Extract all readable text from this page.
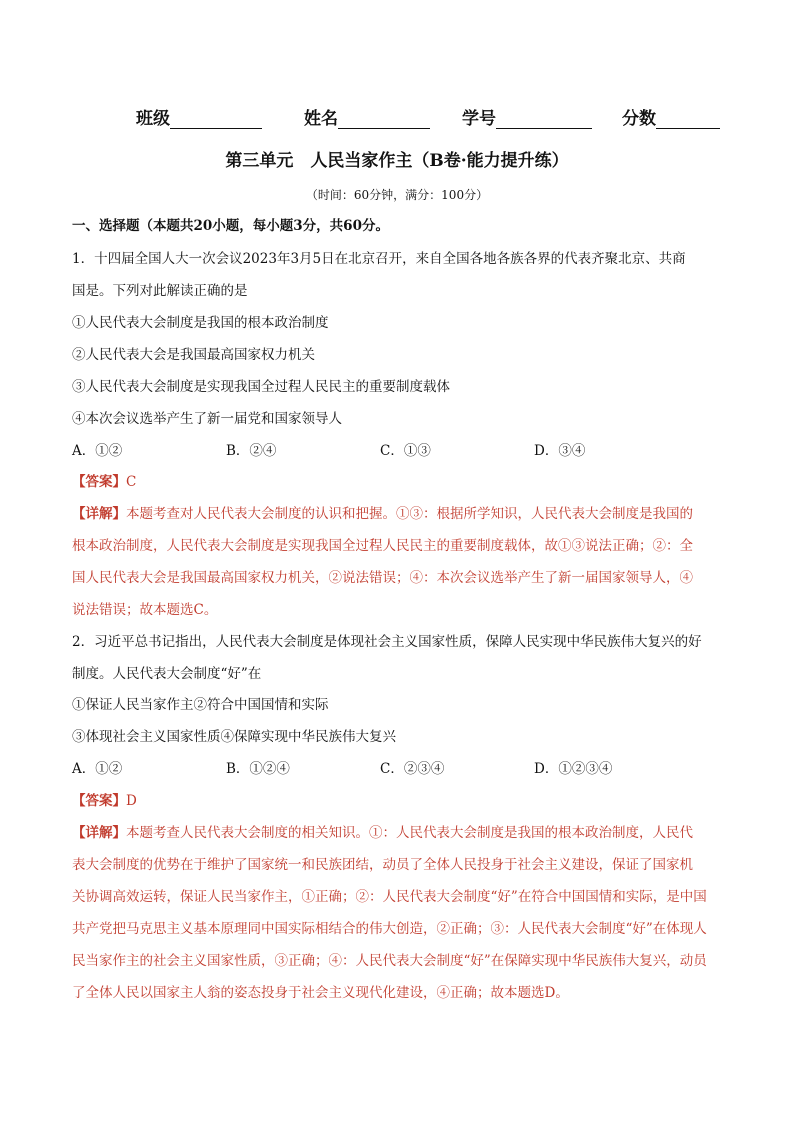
班级	姓名	学号	分数
第三单元　人民当家作主（B卷·能力提升练）
（时间：60分钟，满分：100分）
一、选择题（本题共20小题，每小题3分，共60分。
1．十四届全国人大一次会议2023年3月5日在北京召开，来自全国各地各族各界的代表齐聚北京、共商
国是。下列对此解读正确的是
①人民代表大会制度是我国的根本政治制度
②人民代表大会是我国最高国家权力机关
③人民代表大会制度是实现我国全过程人民民主的重要制度载体
④本次会议选举产生了新一届党和国家领导人
A．①②	B．②④	C．①③	D．③④
【答案】C
【详解】本题考查对人民代表大会制度的认识和把握。①③：根据所学知识，人民代表大会制度是我国的
根本政治制度，人民代表大会制度是实现我国全过程人民民主的重要制度载体，故①③说法正确；②：全
国人民代表大会是我国最高国家权力机关，②说法错误；④：本次会议选举产生了新一届国家领导人，④
说法错误；故本题选C。
2．习近平总书记指出，人民代表大会制度是体现社会主义国家性质，保障人民实现中华民族伟大复兴的好
制度。人民代表大会制度“好”在
①保证人民当家作主②符合中国国情和实际
③体现社会主义国家性质④保障实现中华民族伟大复兴
A．①②	B．①②④	C．②③④	D．①②③④
【答案】D
【详解】本题考查人民代表大会制度的相关知识。①：人民代表大会制度是我国的根本政治制度，人民代
表大会制度的优势在于维护了国家统一和民族团结，动员了全体人民投身于社会主义建设，保证了国家机
关协调高效运转，保证人民当家作主，①正确；②：人民代表大会制度“好”在符合中国国情和实际，是中国
共产党把马克思主义基本原理同中国实际相结合的伟大创造，②正确；③：人民代表大会制度“好”在体现人
民当家作主的社会主义国家性质，③正确；④：人民代表大会制度“好”在保障实现中华民族伟大复兴，动员
了全体人民以国家主人翁的姿态投身于社会主义现代化建设，④正确；故本题选D。
